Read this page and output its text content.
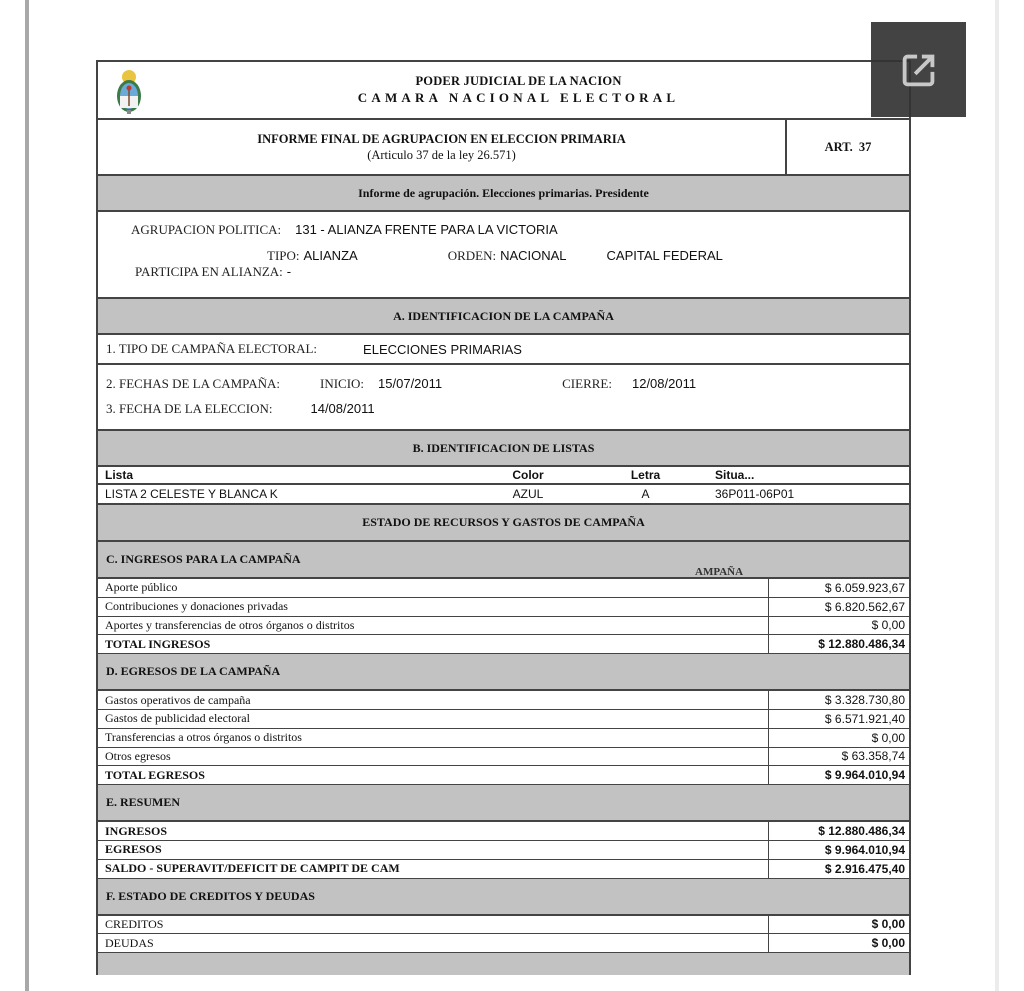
PODER JUDICIAL DE LA NACION
CAMARA NACIONAL ELECTORAL
INFORME FINAL DE AGRUPACION EN ELECCION PRIMARIA
(Articulo 37 de la ley 26.571)
ART. 37
Informe de agrupación. Elecciones primarias. Presidente
AGRUPACION POLITICA: 131 - ALIANZA FRENTE PARA LA VICTORIA
TIPO: ALIANZA	ORDEN: NACIONAL	CAPITAL FEDERAL
PARTICIPA EN ALIANZA: -
A. IDENTIFICACION DE LA CAMPAÑA
1. TIPO DE CAMPAÑA ELECTORAL:	ELECCIONES PRIMARIAS
2. FECHAS DE LA CAMPAÑA:	INICIO: 15/07/2011	CIERRE: 12/08/2011
3. FECHA DE LA ELECCION:	14/08/2011
B. IDENTIFICACION DE LISTAS
Lista	Color	Letra	Situa...
LISTA 2 CELESTE Y BLANCA K	AZUL	A	36P011-06P01
ESTADO DE RECURSOS Y GASTOS DE CAMPAÑA
C. INGRESOS PARA LA CAMPAÑA
AMPAÑA
Aporte público	$ 6.059.923,67
Contribuciones y donaciones privadas	$ 6.820.562,67
Aportes y transferencias de otros órganos o distritos	$ 0,00
TOTAL INGRESOS	$ 12.880.486,34
D. EGRESOS DE LA CAMPAÑA
Gastos operativos de campaña	$ 3.328.730,80
Gastos de publicidad electoral	$ 6.571.921,40
Transferencias a otros órganos o distritos	$ 0,00
Otros egresos	$ 63.358,74
TOTAL EGRESOS	$ 9.964.010,94
E. RESUMEN
INGRESOS	$ 12.880.486,34
EGRESOS	$ 9.964.010,94
SALDO - SUPERAVIT/DEFICIT DE CAMPIT DE CAM	$ 2.916.475,40
F. ESTADO DE CREDITOS Y DEUDAS
CREDITOS	$ 0,00
DEUDAS	$ 0,00
